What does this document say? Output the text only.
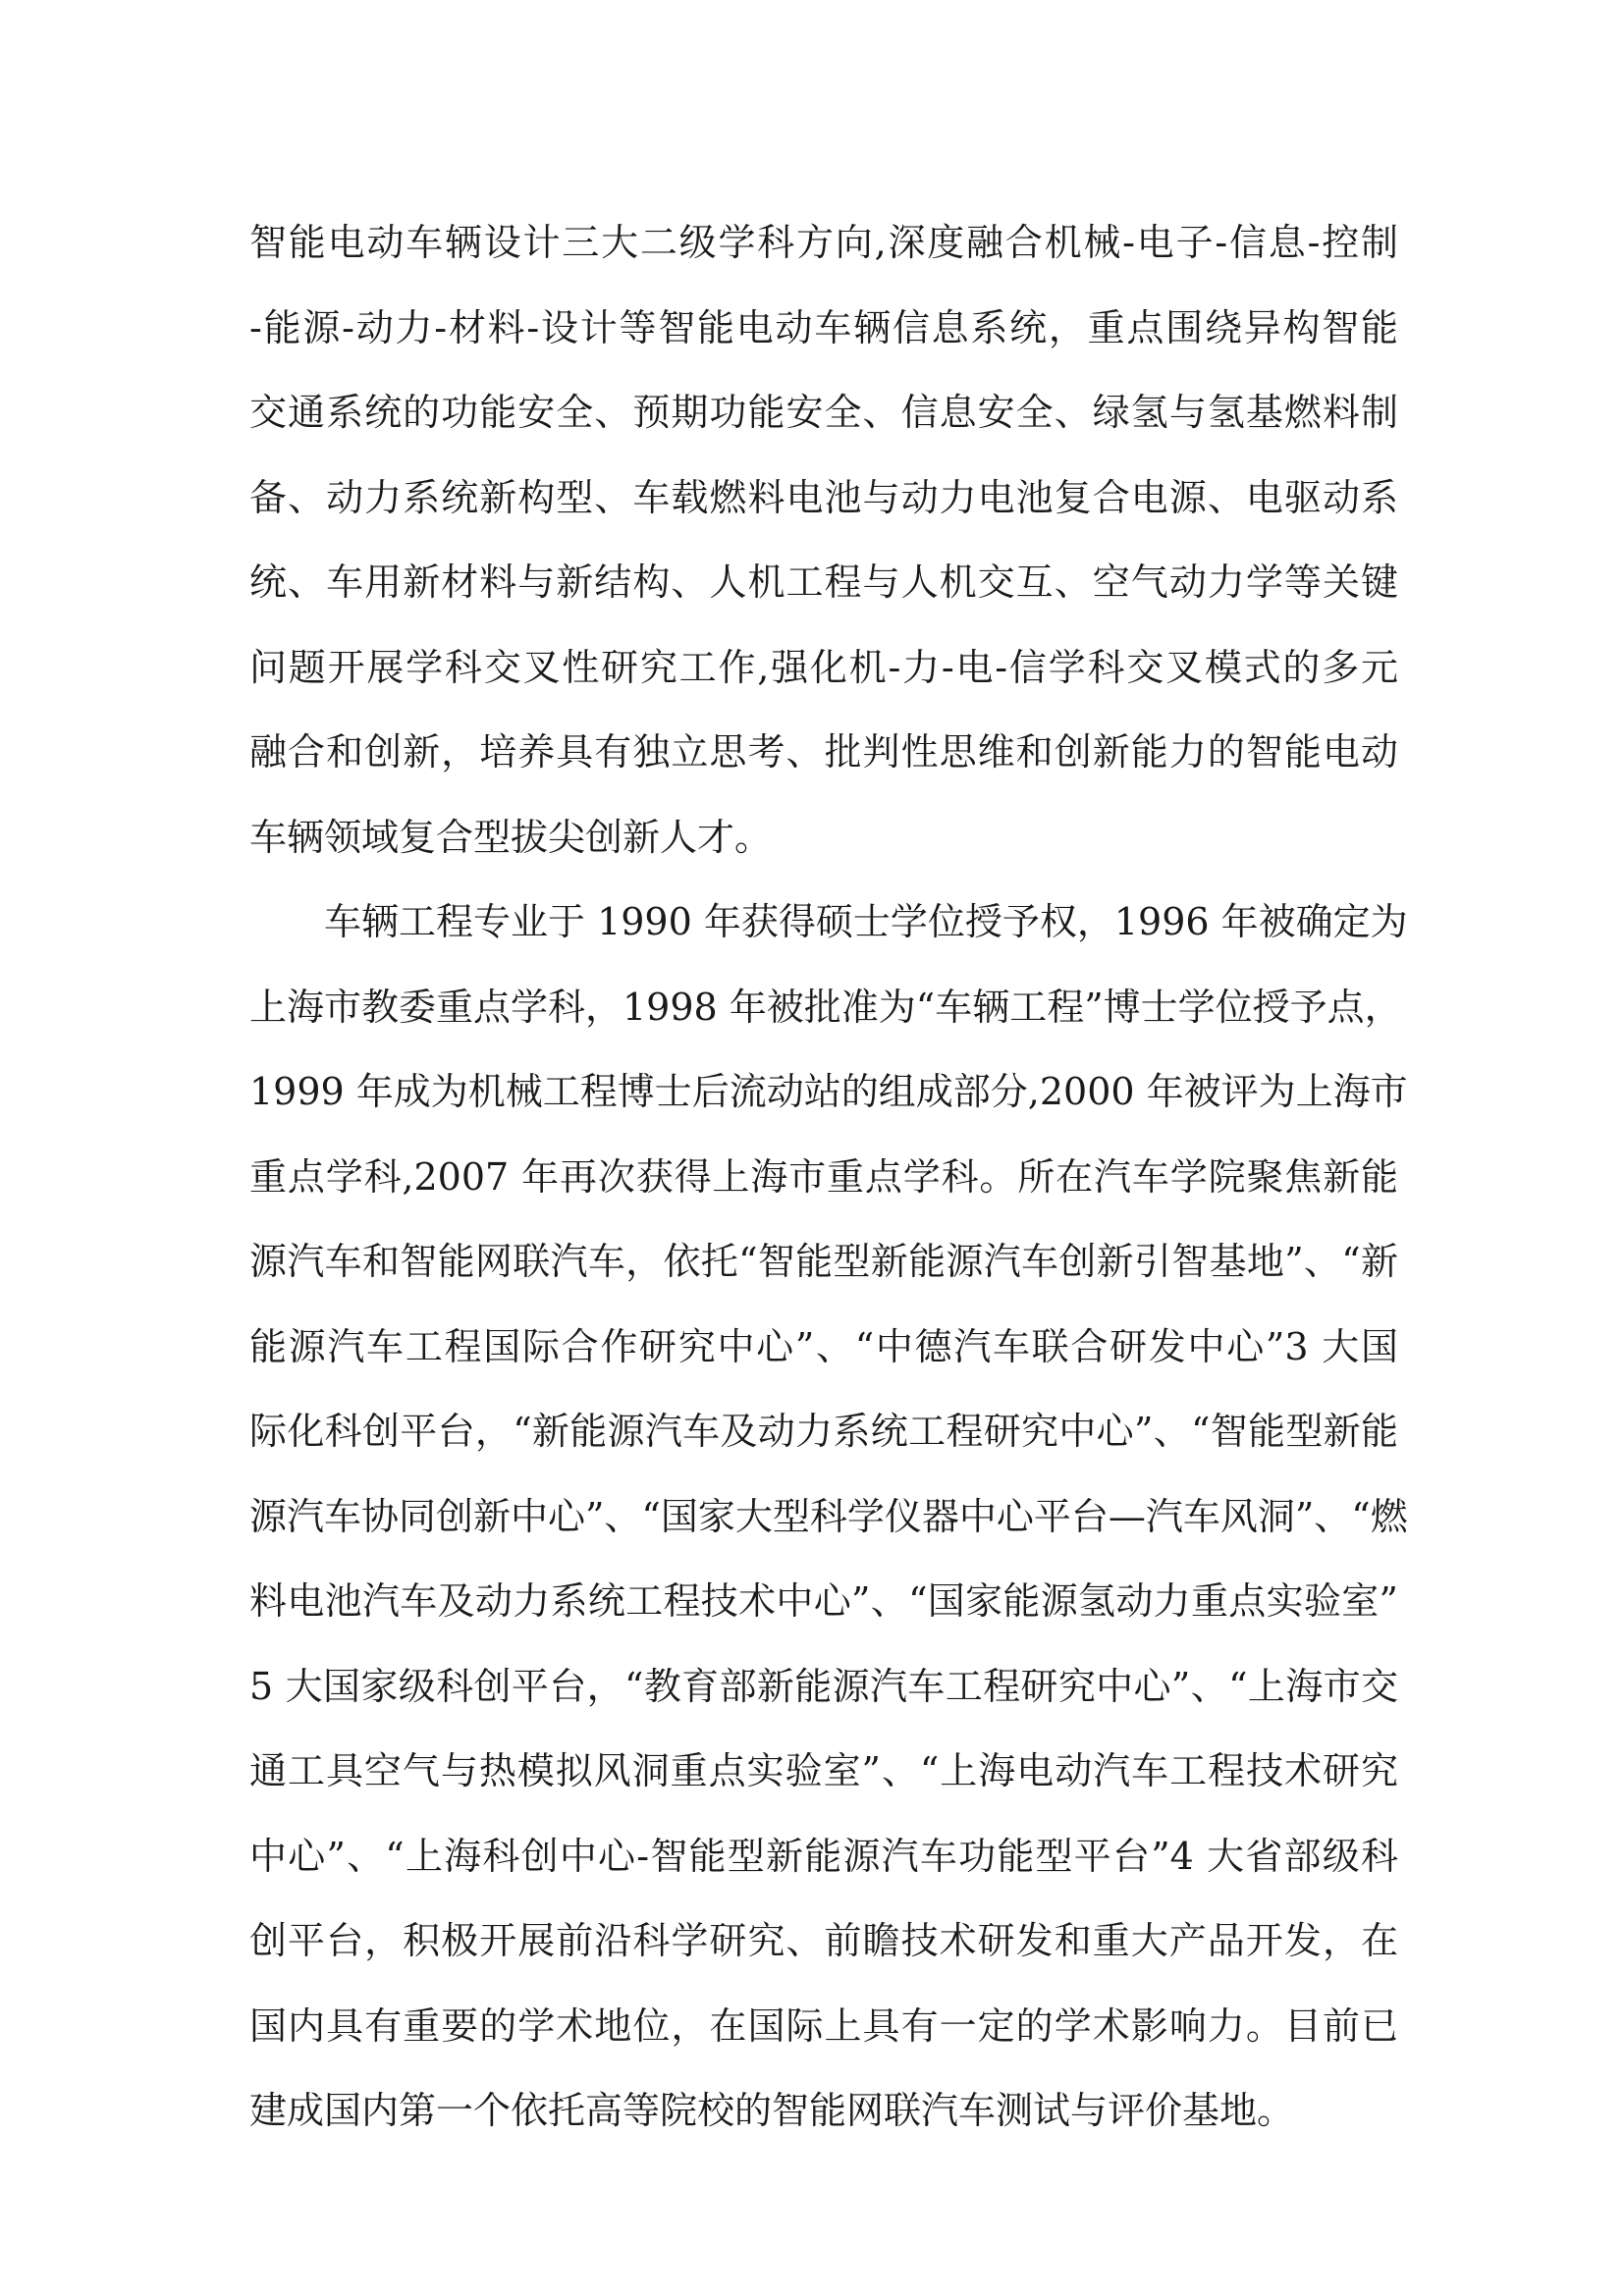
智能电动车辆设计三大二级学科方向,深度融合机械-电子-信息-控制
-能源-动力-材料-设计等智能电动车辆信息系统，重点围绕异构智能
交通系统的功能安全、预期功能安全、信息安全、绿氢与氢基燃料制
备、动力系统新构型、车载燃料电池与动力电池复合电源、电驱动系
统、车用新材料与新结构、人机工程与人机交互、空气动力学等关键
问题开展学科交叉性研究工作,强化机-力-电-信学科交叉模式的多元
融合和创新，培养具有独立思考、批判性思维和创新能力的智能电动
车辆领域复合型拔尖创新人才。
车辆工程专业于 1990 年获得硕士学位授予权，1996 年被确定为
上海市教委重点学科，1998 年被批准为“车辆工程”博士学位授予点，
1999 年成为机械工程博士后流动站的组成部分,2000 年被评为上海市
重点学科,2007 年再次获得上海市重点学科。所在汽车学院聚焦新能
源汽车和智能网联汽车，依托“智能型新能源汽车创新引智基地”、“新
能源汽车工程国际合作研究中心”、“中德汽车联合研发中心”3 大国
际化科创平台，“新能源汽车及动力系统工程研究中心”、“智能型新能
源汽车协同创新中心”、“国家大型科学仪器中心平台—汽车风洞”、“燃
料电池汽车及动力系统工程技术中心”、“国家能源氢动力重点实验室”
5 大国家级科创平台，“教育部新能源汽车工程研究中心”、“上海市交
通工具空气与热模拟风洞重点实验室”、“上海电动汽车工程技术研究
中心”、“上海科创中心-智能型新能源汽车功能型平台”4 大省部级科
创平台，积极开展前沿科学研究、前瞻技术研发和重大产品开发，在
国内具有重要的学术地位，在国际上具有一定的学术影响力。目前已
建成国内第一个依托高等院校的智能网联汽车测试与评价基地。
